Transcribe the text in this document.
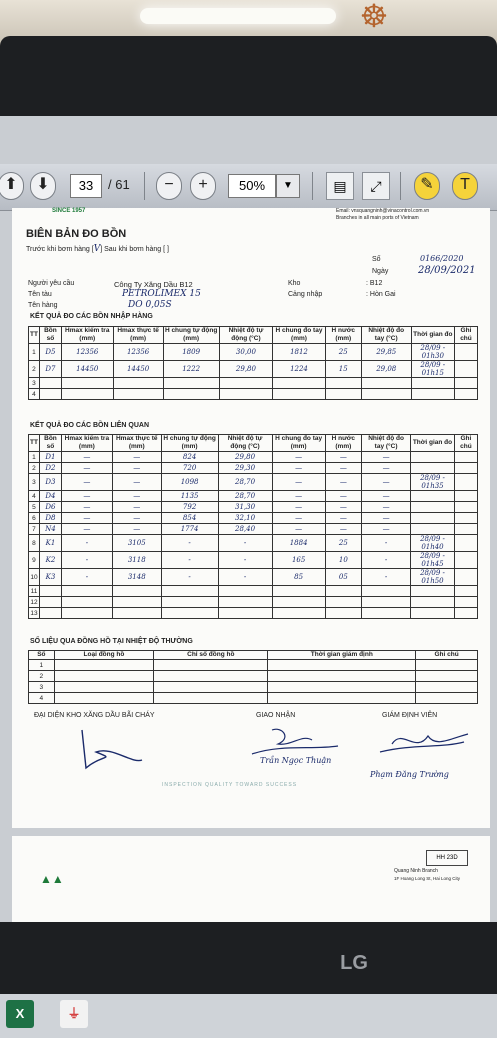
☸
⬆	⬇	33	/ 61	−	+	50%	▼	▤	⤢	✎	T
SINCE 1957	Email: vnsquangninh@vinacontrol.com.vn
Branches in all main ports of Vietnam
BIÊN BẢN ĐO BỒN
Trước khi bơm hàng [V] Sau khi bơm hàng [ ]
Số	0166/2020
Ngày	28/09/2021
Người yêu cầu	Công Ty Xăng Dầu B12
Tên tàu	PETROLIMEX 15
Tên hàng	DO 0,05S
Kho	: B12
Cảng nhập	: Hòn Gai
KẾT QUẢ ĐO CÁC BỒN NHẬP HÀNG
TT	Bồn số	Hmax kiểm tra (mm)	Hmax thực tế (mm)	H chung tự động (mm)	Nhiệt độ tự động (°C)	H chung đo tay (mm)	H nước (mm)	Nhiệt độ đo tay (°C)	Thời gian đo	Ghi chú
1	D5	12356	12356	1809	30,00	1812	25	29,85	28/09 - 01h30	
2	D7	14450	14450	1222	29,80	1224	15	29,08	28/09 - 01h15	
3										
4										
KẾT QUẢ ĐO CÁC BỒN LIÊN QUAN
TT	Bồn số	Hmax kiểm tra (mm)	Hmax thực tế (mm)	H chung tự động (mm)	Nhiệt độ tự động (°C)	H chung đo tay (mm)	H nước (mm)	Nhiệt độ đo tay (°C)	Thời gian đo	Ghi chú
1	D1	—	—	824	29,80	—	—	—		
2	D2	—	—	720	29,30	—	—	—		
3	D3	—	—	1098	28,70	—	—	—	28/09 - 01h35	
4	D4	—	—	1135	28,70	—	—	—		
5	D6	—	—	792	31,30	—	—	—		
6	D8	—	—	854	32,10	—	—	—		
7	N4	—	—	1774	28,40	—	—	—		
8	K1	-	3105	-	-	1884	25	-	28/09 - 01h40	
9	K2	-	3118	-	-	165	10	-	28/09 - 01h45	
10	K3	-	3148	-	-	85	05	-	28/09 - 01h50	
11										
12										
13										
SỐ LIỆU QUA ĐỒNG HỒ TẠI NHIỆT ĐỘ THƯỜNG
Số	Loại đồng hồ	Chỉ số đồng hồ	Thời gian giám định	Ghi chú
1				
2				
3				
4				
ĐẠI DIỆN KHO XĂNG DẦU BÃI CHÁY	GIAO NHẬN	GIÁM ĐỊNH VIÊN
Trần Ngọc Thuận
Phạm Đăng Trường
INSPECTION QUALITY TOWARD SUCCESS
HH 23D
Quang Ninh Branch
1F Hoang Long St, Hai Long City
▲▲
X	⏚
LG
